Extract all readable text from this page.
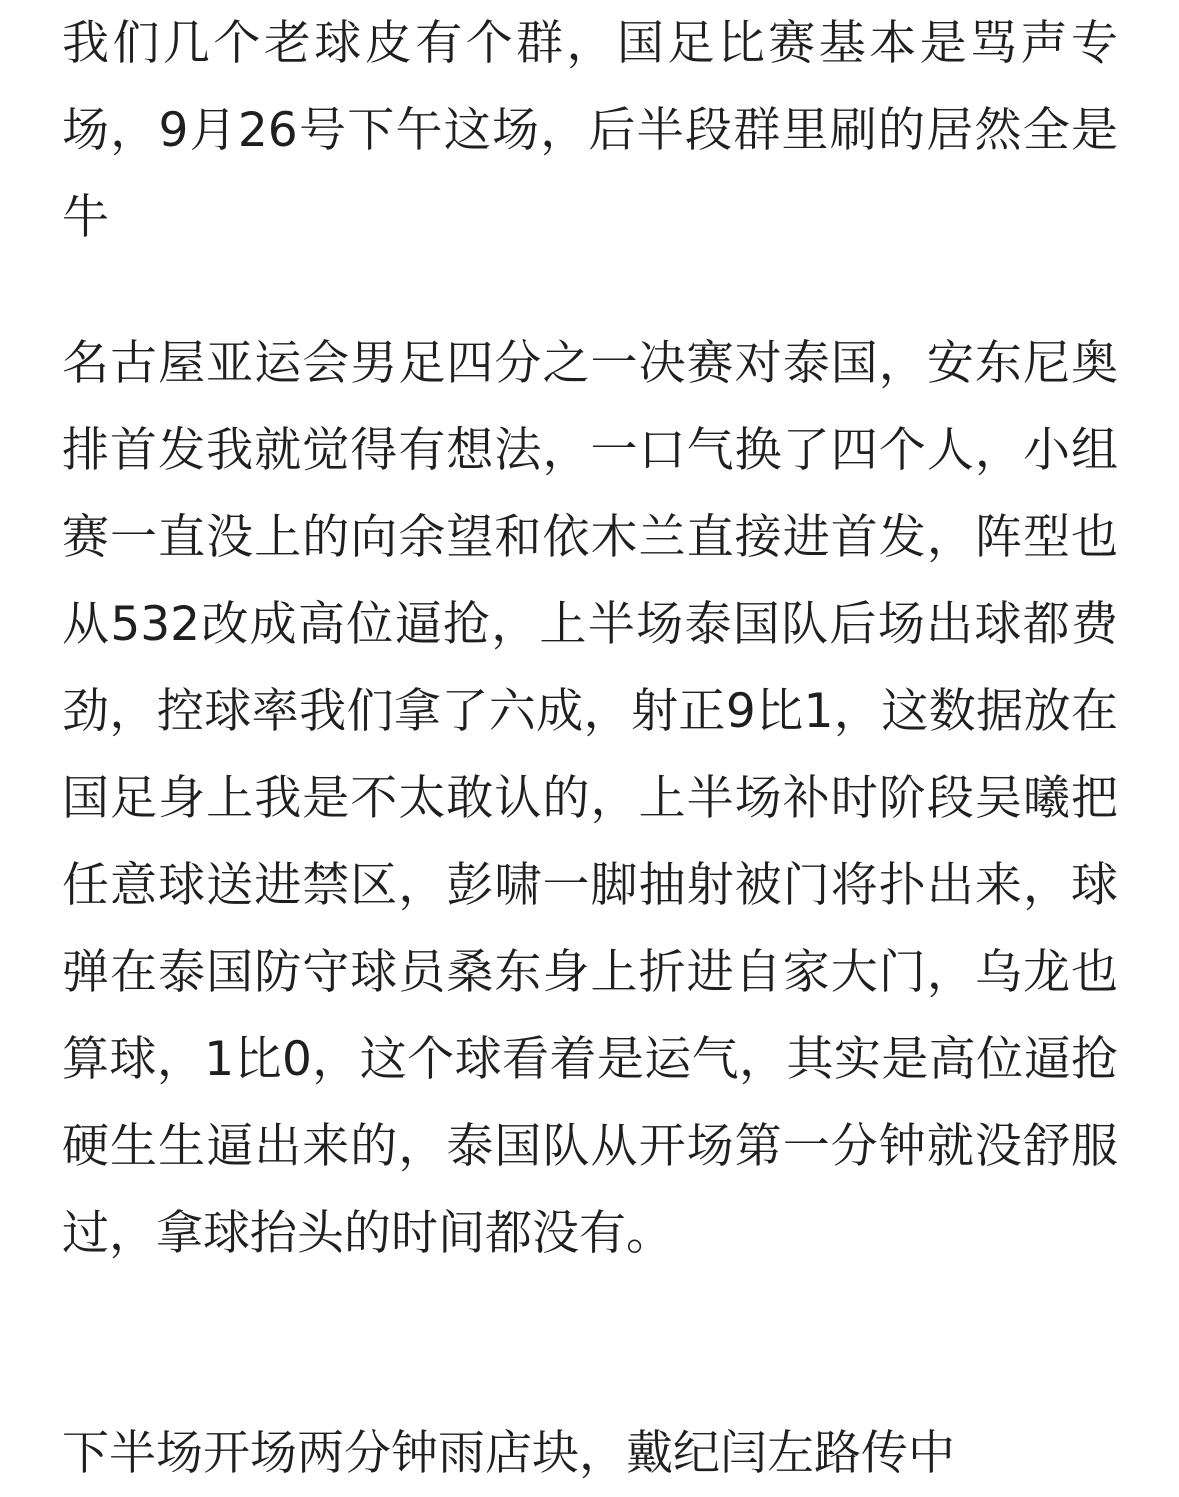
我们几个老球皮有个群，国足比赛基本是骂声专场，9月26号下午这场，后半段群里刷的居然全是牛

名古屋亚运会男足四分之一决赛对泰国，安东尼奥排首发我就觉得有想法，一口气换了四个人，小组赛一直没上的向余望和依木兰直接进首发，阵型也从532改成高位逼抢，上半场泰国队后场出球都费劲，控球率我们拿了六成，射正9比1，这数据放在国足身上我是不太敢认的，上半场补时阶段吴曦把任意球送进禁区，彭啸一脚抽射被门将扑出来，球弹在泰国防守球员桑东身上折进自家大门，乌龙也算球，1比0，这个球看着是运气，其实是高位逼抢硬生生逼出来的，泰国队从开场第一分钟就没舒服过，拿球抬头的时间都没有。

下半场开场两分钟雨店块，戴纪闫左路传中
